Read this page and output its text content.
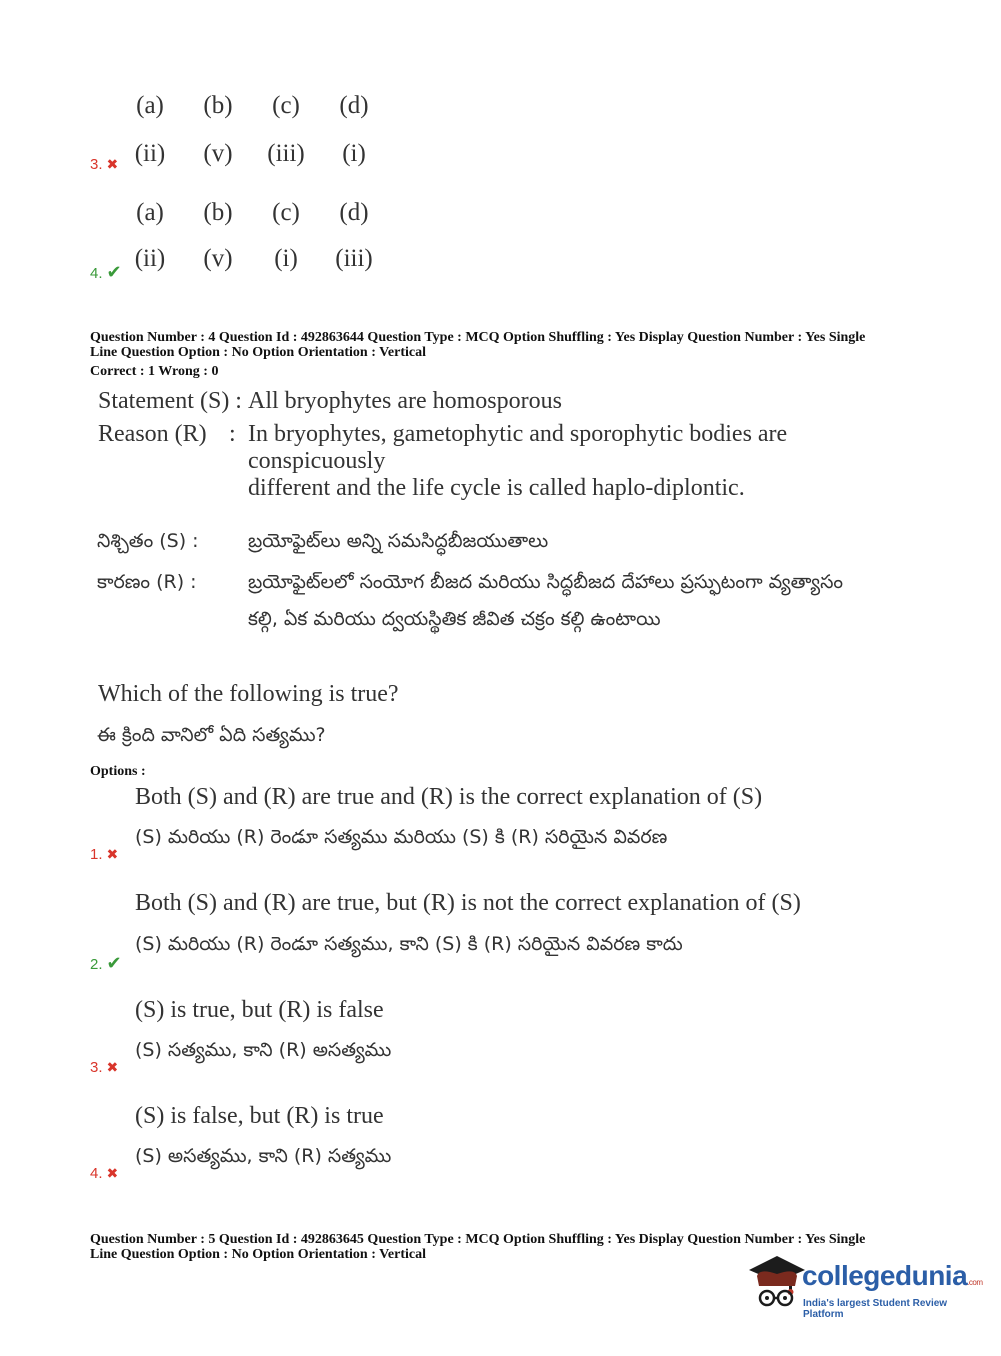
(a) (b) (c) (d)
3. ✖ (ii) (v) (iii)	(i)
(a) (b) (c) (d)
4. ✔ (ii) (v)	(i)	(iii)
Question Number : 4 Question Id : 492863644 Question Type : MCQ Option Shuffling : Yes Display Question Number : Yes Single
Line Question Option : No Option Orientation : Vertical
Correct : 1 Wrong : 0
Statement (S) : All bryophytes are homosporous
Reason (R) : In bryophytes, gametophytic and sporophytic bodies are conspicuously
different and the life cycle is called haplo-diplontic.
నిశ్చితం (S) :	బ్రయోఫైట్‌లు అన్ని సమసిద్ధబీజయుతాలు
కారణం (R) :	బ్రయోఫైట్‌లలో సంయోగ బీజద మరియు సిద్ధబీజద దేహాలు ప్రస్ఫుటంగా వ్యత్యాసం
కల్గి, ఏక మరియు ద్వయస్థితిక జీవిత చక్రం కల్గి ఉంటాయి
Which of the following is true?
ఈ క్రింది వానిలో ఏది సత్యము?
Options :
Both (S) and (R) are true and (R) is the correct explanation of (S)
(S) మరియు (R) రెండూ సత్యము మరియు (S) కి (R) సరియైన వివరణ
1. ✖
Both (S) and (R) are true, but (R) is not the correct explanation of (S)
(S) మరియు (R) రెండూ సత్యము, కాని (S) కి (R) సరియైన వివరణ కాదు
2. ✔
(S) is true, but (R) is false
(S) సత్యము, కాని (R) అసత్యము
3. ✖
(S) is false, but (R) is true
(S) అసత్యము, కాని (R) సత్యము
4. ✖
Question Number : 5 Question Id : 492863645 Question Type : MCQ Option Shuffling : Yes Display Question Number : Yes Single
Line Question Option : No Option Orientation : Vertical
collegedunia.com
India's largest Student Review Platform
